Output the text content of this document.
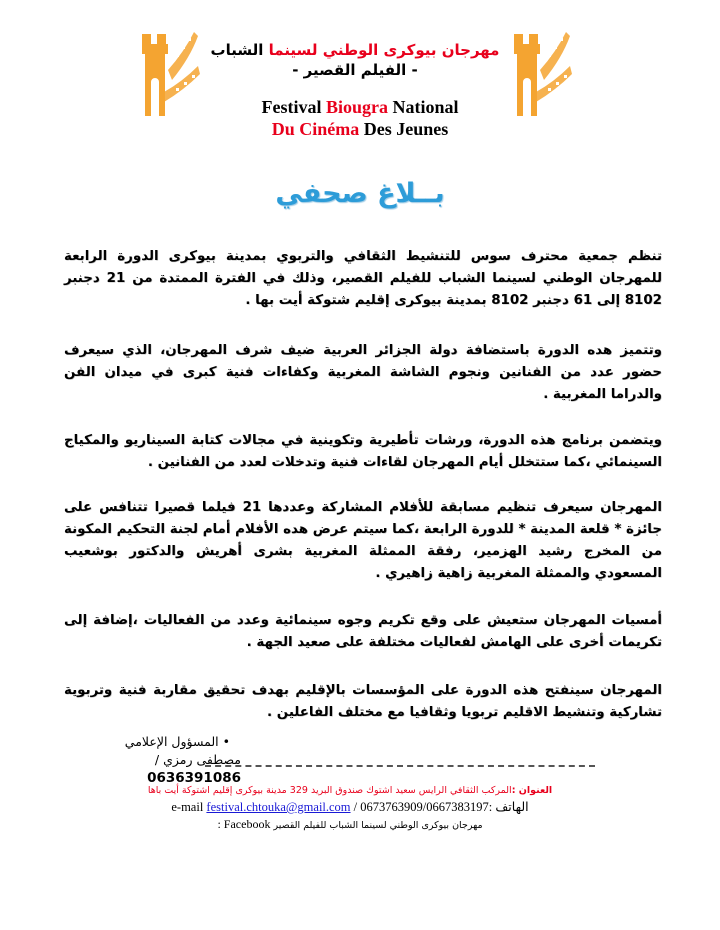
مهرجان بيوكرى الوطني لسينما الشباب
- الفيلم القصير -
Festival Biougra National
Du Cinéma Des Jeunes
بــلاغ صحفي
تنظم جمعية محترف سوس للتنشيط الثقافي والتربوي بمدينة بيوكرى الدورة الرابعة للمهرجان الوطني لسينما الشباب للفيلم القصير، وذلك في الفترة الممتدة من 21 دجنبر 8102 إلى 61 دجنبر 8102 بمدينة بيوكرى إقليم شتوكة أيت بها .
وتتميز هده الدورة باستضافة دولة الجزائر العربية ضيف شرف المهرجان، الذي سيعرف حضور عدد من الفنانين ونجوم الشاشة المغربية وكفاءات فنية كبرى في ميدان الفن والدراما المغربية .
ويتضمن برنامج هذه الدورة، ورشات تأطيرية وتكوينية في مجالات كتابة السيناريو والمكياج السينمائي ،كما ستتخلل أيام المهرجان لقاءات فنية وتدخلات لعدد من الفنانين .
المهرجان سيعرف تنظيم مسابقة للأفلام المشاركة وعددها 21 فيلما قصيرا تتنافس على جائزة * قلعة المدينة * للدورة الرابعة ،كما سيتم عرض هده الأفلام أمام لجنة التحكيم المكونة من المخرج رشيد الهزمير، رفقة الممثلة المغربية بشرى أهريش والدكتور بوشعيب المسعودي والممثلة المغربية زاهية زاهيري .
أمسيات المهرجان ستعيش على وقع تكريم وجوه سينمائية وعدد من الفعاليات ،إضافة إلى تكريمات أخرى على الهامش لفعاليات مختلفة على صعيد الجهة .
المهرجان سينفتح هذه الدورة على المؤسسات بالإقليم بهدف تحقيق مقاربة فنية وتربوية تشاركية وتنشيط الاقليم تربويا وثقافيا مع مختلف الفاعلين .
• المسؤول الإعلامي
مصطفى رمزي / 0636391086
العنوان :المركب الثقافي الرايس سعيد اشتوك صندوق البريد 329 مدينة بيوكرى إقليم اشتوكة أيت باها
e-mail festival.chtouka@gmail.com / 0673763909/0667383197: الهاتف
مهرجان بيوكرى الوطني لسينما الشباب للفيلم القصير Facebook :
